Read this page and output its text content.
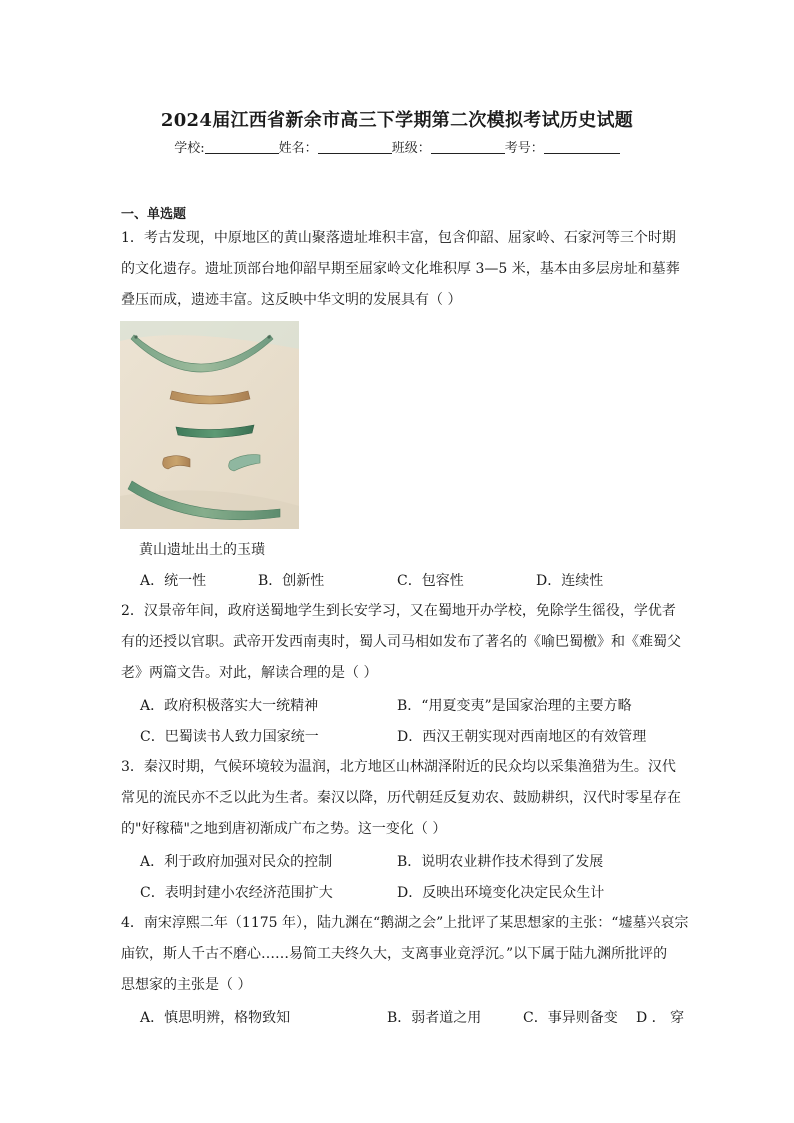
2024届江西省新余市高三下学期第二次模拟考试历史试题
学校:	姓名：	班级：	考号：
一、单选题
1．考古发现，中原地区的黄山聚落遗址堆积丰富，包含仰韶、屈家岭、石家河等三个时期
的文化遗存。遗址顶部台地仰韶早期至屈家岭文化堆积厚 3—5 米，基本由多层房址和墓葬
叠压而成，遗迹丰富。这反映中华文明的发展具有（ ）
黄山遗址出土的玉璜
A．统一性	B．创新性	C．包容性	D．连续性
2．汉景帝年间，政府送蜀地学生到长安学习，又在蜀地开办学校，免除学生徭役，学优者
有的还授以官职。武帝开发西南夷时，蜀人司马相如发布了著名的《喻巴蜀檄》和《难蜀父
老》两篇文告。对此，解读合理的是（ ）
A．政府积极落实大一统精神	B．“用夏变夷”是国家治理的主要方略
C．巴蜀读书人致力国家统一	D．西汉王朝实现对西南地区的有效管理
3．秦汉时期，气候环境较为温润，北方地区山林湖泽附近的民众均以采集渔猎为生。汉代
常见的流民亦不乏以此为生者。秦汉以降，历代朝廷反复劝农、鼓励耕织，汉代时零星存在
的"好稼穑"之地到唐初渐成广布之势。这一变化（ ）
A．利于政府加强对民众的控制	B．说明农业耕作技术得到了发展
C．表明封建小农经济范围扩大	D．反映出环境变化决定民众生计
4．南宋淳熙二年（1175 年），陆九渊在“鹅湖之会”上批评了某思想家的主张：“墟墓兴哀宗
庙钦，斯人千古不磨心……易简工夫终久大，支离事业竟浮沉。”以下属于陆九渊所批评的
思想家的主张是（ ）
A．慎思明辨，格物致知	B．弱者道之用	C．事异则备变 D ． 穿
